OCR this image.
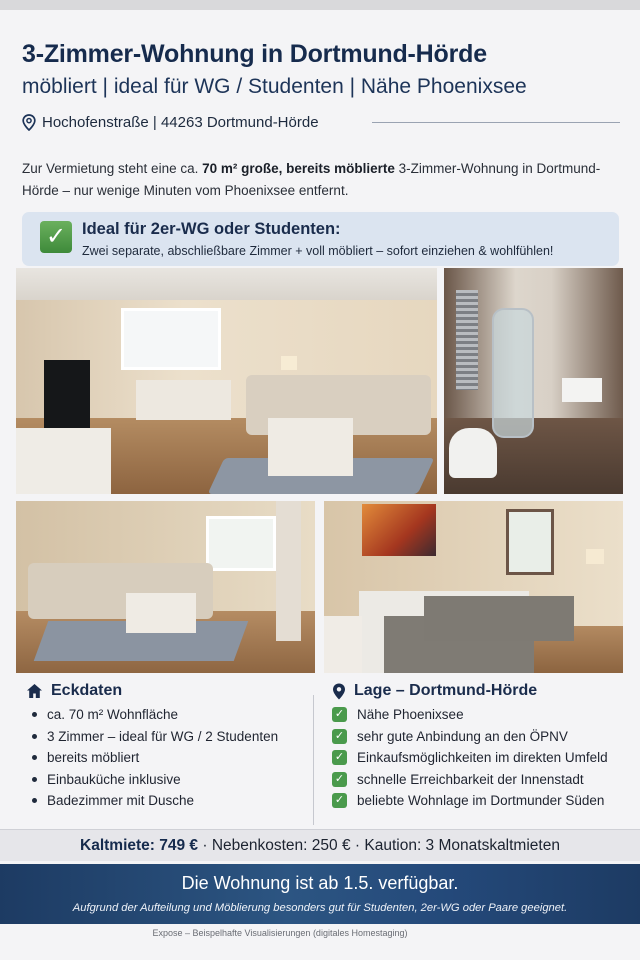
3-Zimmer-Wohnung in Dortmund-Hörde
möbliert | ideal für WG / Studenten | Nähe Phoenixsee
Hochofenstraße | 44263 Dortmund-Hörde
Zur Vermietung steht eine ca. 70 m² große, bereits möblierte 3-Zimmer-Wohnung in Dortmund-Hörde – nur wenige Minuten vom Phoenixsee entfernt.
✓ Ideal für 2er-WG oder Studenten:
Zwei separate, abschließbare Zimmer + voll möbliert – sofort einziehen & wohlfühlen!
Eckdaten
ca. 70 m² Wohnfläche
3 Zimmer – ideal für WG / 2 Studenten
bereits möbliert
Einbauküche inklusive
Badezimmer mit Dusche
Lage – Dortmund-Hörde
✓ Nähe Phoenixsee
✓ sehr gute Anbindung an den ÖPNV
✓ Einkaufsmöglichkeiten im direkten Umfeld
✓ schnelle Erreichbarkeit der Innenstadt
✓ beliebte Wohnlage im Dortmunder Süden
Kaltmiete: 749 € · Nebenkosten: 250 € · Kaution: 3 Monatskaltmieten
Die Wohnung ist ab 1.5. verfügbar.
Aufgrund der Aufteilung und Möblierung besonders gut für Studenten, 2er-WG oder Paare geeignet.
Expose – Beispelhafte Visualisierungen (digitales Homestaging)
